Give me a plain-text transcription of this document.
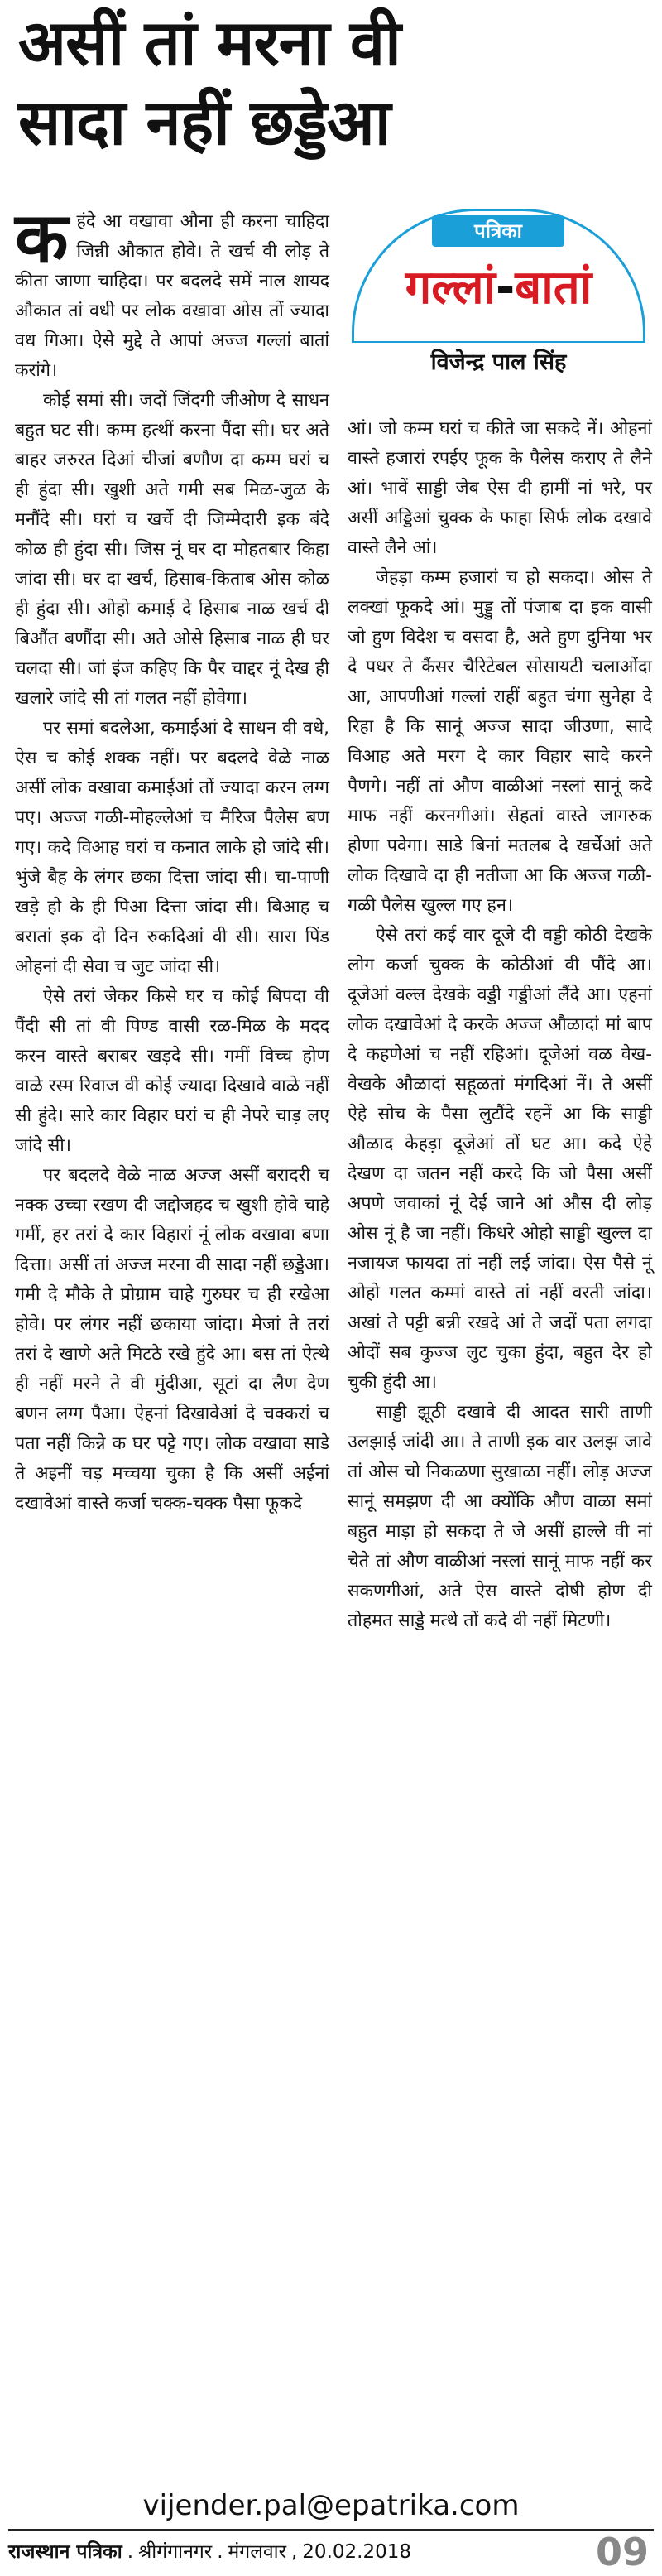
असीं तां मरना वी
सादा नहीं छड्डेआ
पत्रिका
गल्लां-बातां
विजेन्द्र पाल सिंह

कहंदे आ वखावा औना ही करना चाहिदा जिन्नी औकात होवे। ते खर्च वी लोड़ ते कीता जाणा चाहिदा। पर बदलदे समें नाल शायद औकात तां वधी पर लोक वखावा ओस तों ज्यादा वध गिआ। ऐसे मुद्दे ते आपां अज्ज गल्लां बातां करांगे।

कोई समां सी। जदों जिंदगी जीओण दे साधन बहुत घट सी। कम्म हत्थीं करना पैंदा सी। घर अते बाहर जरुरत दिआं चीजां बणौण दा कम्म घरां च ही हुंदा सी। खुशी अते गमी सब मिळ-जुळ के मनौंदे सी। घरां च खर्चे दी जिम्मेदारी इक बंदे कोळ ही हुंदा सी। जिस नूं घर दा मोहतबार किहा जांदा सी। घर दा खर्च, हिसाब-किताब ओस कोळ ही हुंदा सी। ओहो कमाई दे हिसाब नाळ खर्च दी बिऔंत बणौंदा सी। अते ओसे हिसाब नाळ ही घर चलदा सी। जां इंज कहिए कि पैर चाद्दर नूं देख ही खलारे जांदे सी तां गलत नहीं होवेगा।

पर समां बदलेआ, कमाईआं दे साधन वी वधे, ऐस च कोई शक्क नहीं। पर बदलदे वेळे नाळ असीं लोक वखावा कमाईआं तों ज्यादा करन लग्ग पए। अज्ज गळी-मोहल्लेआं च मैरिज पैलेस बण गए। कदे विआह घरां च कनात लाके हो जांदे सी। भुंजे बैह के लंगर छका दित्ता जांदा सी। चा-पाणी खड़े हो के ही पिआ दित्ता जांदा सी। बिआह च बरातां इक दो दिन रुकदिआं वी सी। सारा पिंड ओहनां दी सेवा च जुट जांदा सी।

ऐसे तरां जेकर किसे घर च कोई बिपदा वी पैंदी सी तां वी पिण्ड वासी रळ-मिळ के मदद करन वास्ते बराबर खड़दे सी। गमीं विच्च होण वाळे रस्म रिवाज वी कोई ज्यादा दिखावे वाळे नहीं सी हुंदे। सारे कार विहार घरां च ही नेपरे चाड़ लए जांदे सी।

पर बदलदे वेळे नाळ अज्ज असीं बरादरी च नक्क उच्चा रखण दी जद्दोजहद च खुशी होवे चाहे गमीं, हर तरां दे कार विहारां नूं लोक वखावा बणा दित्ता। असीं तां अज्ज मरना वी सादा नहीं छड्डेआ। गमी दे मौके ते प्रोग्राम चाहे गुरुघर च ही रखेआ होवे। पर लंगर नहीं छकाया जांदा। मेजां ते तरां तरां दे खाणे अते मिटठे रखे हुंदे आ। बस तां ऐत्थे ही नहीं मरने ते वी मुंदीआ, सूटां दा लैण देण बणन लग्ग पैआ। ऐहनां दिखावेआं दे चक्करां च पता नहीं किन्ने क घर पट्टे गए। लोक वखावा साडे ते अइनीं चड़ मच्चया चुका है कि असीं अईनां दखावेआं वास्ते कर्जा चक्क-चक्क पैसा फूकदे

आं। जो कम्म घरां च कीते जा सकदे नें। ओहनां वास्ते हजारां रपईए फूक के पैलेस कराए ते लैने आं। भावें साड्डी जेब ऐस दी हामीं नां भरे, पर असीं अड्डिआं चुक्क के फाहा सिर्फ लोक दखावे वास्ते लैने आं।

जेहड़ा कम्म हजारां च हो सकदा। ओस ते लक्खां फूकदे आं। मुड्डु तों पंजाब दा इक वासी जो हुण विदेश च वसदा है, अते हुण दुनिया भर दे पधर ते कैंसर चैरिटेबल सोसायटी चलाओंदा आ, आपणीआं गल्लां राहीं बहुत चंगा सुनेहा दे रिहा है कि सानूं अज्ज सादा जीउणा, सादे विआह अते मरग दे कार विहार सादे करने पैणगे। नहीं तां औण वाळीआं नस्लां सानूं कदे माफ नहीं करनगीआं। सेहतां वास्ते जागरुक होणा पवेगा। साडे बिनां मतलब दे खर्चेआं अते लोक दिखावे दा ही नतीजा आ कि अज्ज गळी-गळी पैलेस खुल्ल गए हन।

ऐसे तरां कई वार दूजे दी वड्डी कोठी देखके लोग कर्जा चुक्क के कोठीआं वी पौंदे आ। दूजेआं वल्ल देखके वड्डी गड्डीआं लैंदे आ। एहनां लोक दखावेआं दे करके अज्ज औळादां मां बाप दे कहणेआं च नहीं रहिआं। दूजेआं वळ वेख-वेखके औळादां सहूळतां मंगदिआं नें। ते असीं ऐहे सोच के पैसा लुटौंदे रहनें आ कि साड्डी औळाद केहड़ा दूजेआं तों घट आ। कदे ऐहे देखण दा जतन नहीं करदे कि जो पैसा असीं अपणे जवाकां नूं देई जाने आं औस दी लोड़ ओस नूं है जा नहीं। किधरे ओहो साड्डी खुल्ल दा नजायज फायदा तां नहीं लई जांदा। ऐस पैसे नूं ओहो गलत कम्मां वास्ते तां नहीं वरती जांदा। अखां ते पट्टी बन्नी रखदे आं ते जदों पता लगदा ओदों सब कुज्ज लुट चुका हुंदा, बहुत देर हो चुकी हुंदी आ।

साड्डी झूठी दखावे दी आदत सारी ताणी उलझाई जांदी आ। ते ताणी इक वार उलझ जावे तां ओस चो निकळणा सुखाळा नहीं। लोड़ अज्ज सानूं समझण दी आ क्योंकि औण वाळा समां बहुत माड़ा हो सकदा ते जे असीं हाल्ले वी नां चेते तां औण वाळीआं नस्लां सानूं माफ नहीं कर सकणगीआं, अते ऐस वास्ते दोषी होण दी तोहमत साड्डे मत्थे तों कदे वी नहीं मिटणी।

vijender.pal@epatrika.com
राजस्थान पत्रिका . श्रीगंगानगर . मंगलवार , 20.02.2018	09
